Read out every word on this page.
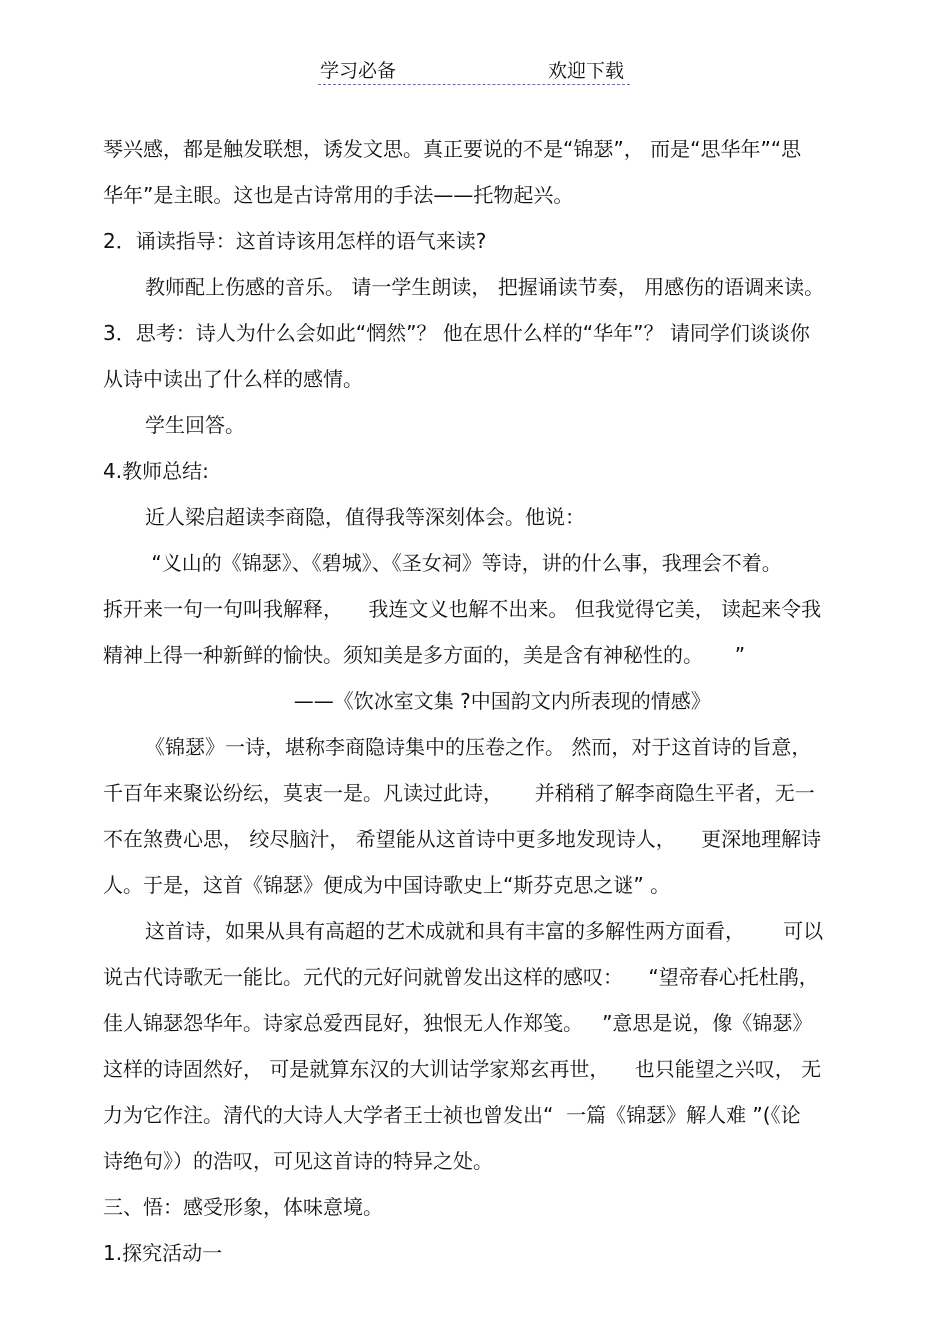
学习必备	欢迎下载
琴兴感，都是触发联想，诱发文思。真正要说的不是“锦瑟”， 而是“思华年”“思
华年”是主眼。这也是古诗常用的手法——托物起兴。
2．诵读指导：这首诗该用怎样的语气来读?
教师配上伤感的音乐。 请一学生朗读， 把握诵读节奏， 用感伤的语调来读。
3．思考：诗人为什么会如此“惘然”？ 他在思什么样的“华年”？ 请同学们谈谈你
从诗中读出了什么样的感情。
学生回答。
4.教师总结:
近人梁启超读李商隐，值得我等深刻体会。他说：
“义山的《锦瑟》、《碧城》、《圣女祠》等诗，讲的什么事，我理会不着。
拆开来一句一句叫我解释，    我连文义也解不出来。 但我觉得它美， 读起来令我
精神上得一种新鲜的愉快。须知美是多方面的，美是含有神秘性的。     ”
——《饮冰室文集 ?中国韵文内所表现的情感》
《锦瑟》一诗，堪称李商隐诗集中的压卷之作。 然而，对于这首诗的旨意，
千百年来聚讼纷纭，莫衷一是。凡读过此诗，     并稍稍了解李商隐生平者，无一
不在煞费心思， 绞尽脑汁， 希望能从这首诗中更多地发现诗人，    更深地理解诗
人。于是，这首《锦瑟》便成为中国诗歌史上“斯芬克思之谜” 。
这首诗，如果从具有高超的艺术成就和具有丰富的多解性两方面看，      可以
说古代诗歌无一能比。元代的元好问就曾发出这样的感叹：    “望帝春心托杜鹃，
佳人锦瑟怨华年。诗家总爱西昆好，独恨无人作郑笺。   ”意思是说，像《锦瑟》
这样的诗固然好， 可是就算东汉的大训诂学家郑玄再世，    也只能望之兴叹， 无
力为它作注。清代的大诗人大学者王士祯也曾发出“  一篇《锦瑟》解人难 ”(《论
诗绝句》）的浩叹，可见这首诗的特异之处。
三、悟：感受形象，体味意境。
1.探究活动一
